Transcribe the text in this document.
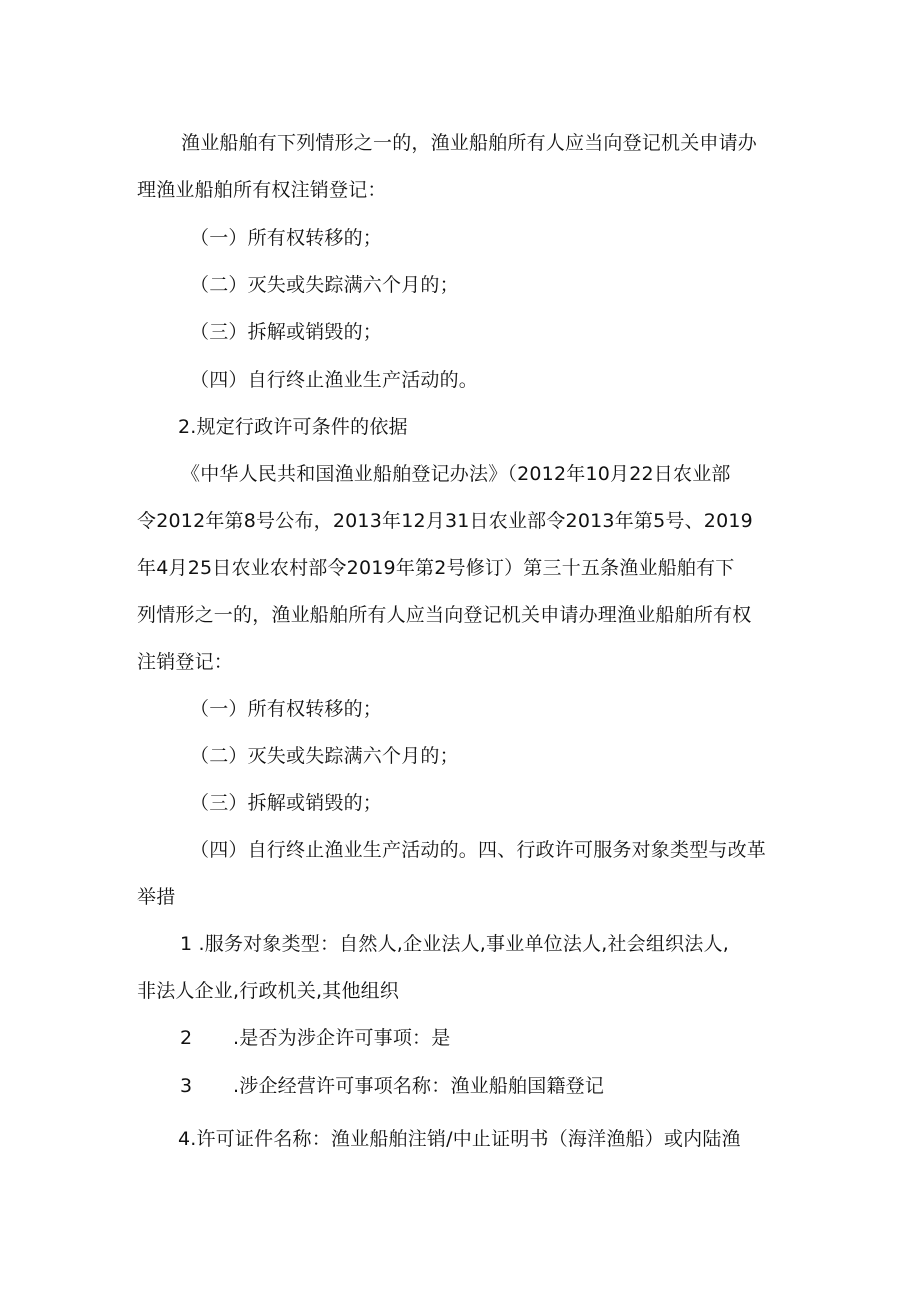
渔业船舶有下列情形之一的，渔业船舶所有人应当向登记机关申请办
理渔业船舶所有权注销登记：
（一）所有权转移的；
（二）灭失或失踪满六个月的；
（三）拆解或销毁的；
（四）自行终止渔业生产活动的。
2.规定行政许可条件的依据
《中华人民共和国渔业船舶登记办法》（2012年10月22日农业部
令2012年第8号公布，2013年12月31日农业部令2013年第5号、2019
年4月25日农业农村部令2019年第2号修订）第三十五条渔业船舶有下
列情形之一的，渔业船舶所有人应当向登记机关申请办理渔业船舶所有权
注销登记：
（一）所有权转移的；
（二）灭失或失踪满六个月的；
（三）拆解或销毁的；
（四）自行终止渔业生产活动的。四、行政许可服务对象类型与改革
举措
1 .服务对象类型：自然人,企业法人,事业单位法人,社会组织法人,
非法人企业,行政机关,其他组织
2 .是否为涉企许可事项：是
3 .涉企经营许可事项名称：渔业船舶国籍登记
4.许可证件名称：渔业船舶注销/中止证明书（海洋渔船）或内陆渔
